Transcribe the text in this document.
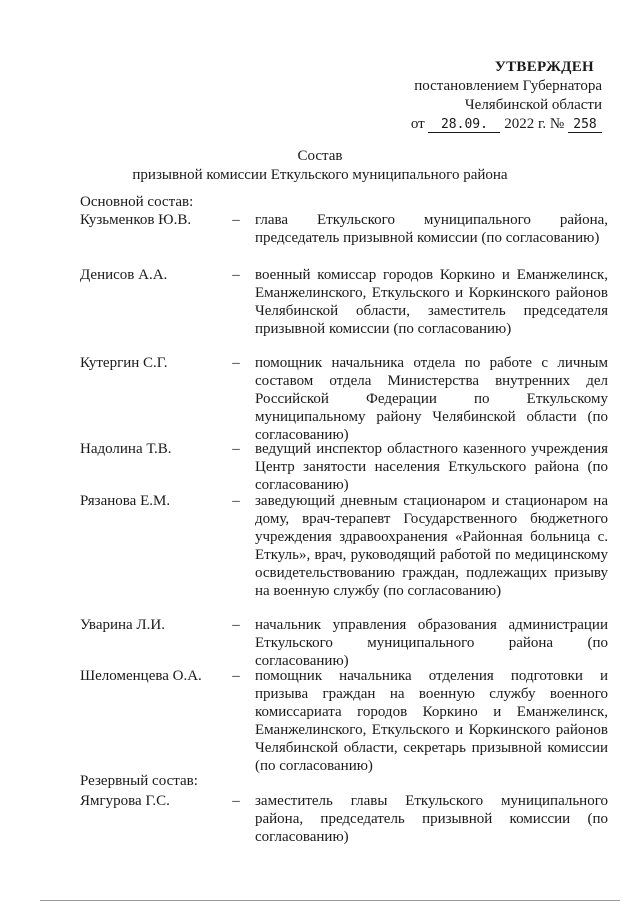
УТВЕРЖДЕН
постановлением Губернатора
Челябинской области
от 28.09. 2022 г. № 258
Состав
призывной комиссии Еткульского муниципального района
Основной состав:
Кузьменков Ю.В.	– глава Еткульского муниципального района, председатель призывной комиссии (по согласованию)
Денисов А.А.	– военный комиссар городов Коркино и Еманжелинск, Еманжелинского, Еткульского и Коркинского районов Челябинской области, заместитель председателя призывной комиссии (по согласованию)
Кутергин С.Г.	– помощник начальника отдела по работе с личным составом отдела Министерства внутренних дел Российской Федерации по Еткульскому муниципальному району Челябинской области (по согласованию)
Надолина Т.В.	– ведущий инспектор областного казенного учреждения Центр занятости населения Еткульского района (по согласованию)
Рязанова Е.М.	– заведующий дневным стационаром и стационаром на дому, врач-терапевт Государственного бюджетного учреждения здравоохранения «Районная больница с. Еткуль», врач, руководящий работой по медицинскому освидетельствованию граждан, подлежащих призыву на военную службу (по согласованию)
Уварина Л.И.	– начальник управления образования администрации Еткульского муниципального района (по согласованию)
Шеломенцева О.А.	– помощник начальника отделения подготовки и призыва граждан на военную службу военного комиссариата городов Коркино и Еманжелинск, Еманжелинского, Еткульского и Коркинского районов Челябинской области, секретарь призывной комиссии (по согласованию)
Резервный состав:
Ямгурова Г.С.	– заместитель главы Еткульского муниципального района, председатель призывной комиссии (по согласованию)
